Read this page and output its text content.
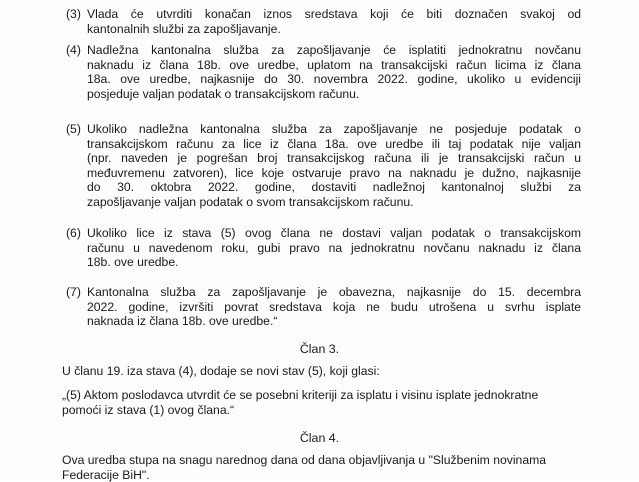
(3) Vlada će utvrditi konačan iznos sredstava koji će biti doznačen svakoj od
kantonalnih službi za zapošljavanje.
(4) Nadležna kantonalna služba za zapošljavanje će isplatiti jednokratnu novčanu
naknadu iz člana 18b. ove uredbe, uplatom na transakcijski račun licima iz člana
18a. ove uredbe, najkasnije do 30. novembra 2022. godine, ukoliko u evidenciji
posjeduje valjan podatak o transakcijskom računu.
(5) Ukoliko nadležna kantonalna služba za zapošljavanje ne posjeduje podatak o
transakcijskom računu za lice iz člana 18a. ove uredbe ili taj podatak nije valjan
(npr. naveden je pogrešan broj transakcijskog računa ili je transakcijski račun u
međuvremenu zatvoren), lice koje ostvaruje pravo na naknadu je dužno, najkasnije
do 30. oktobra 2022. godine, dostaviti nadležnoj kantonalnoj službi za
zapošljavanje valjan podatak o svom transakcijskom računu.
(6) Ukoliko lice iz stava (5) ovog člana ne dostavi valjan podatak o transakcijskom
računu u navedenom roku, gubi pravo na jednokratnu novčanu naknadu iz člana
18b. ove uredbe.
(7) Kantonalna služba za zapošljavanje je obavezna, najkasnije do 15. decembra
2022. godine, izvršiti povrat sredstava koja ne budu utrošena u svrhu isplate
naknada iz člana 18b. ove uredbe.“
Član 3.
U članu 19. iza stava (4), dodaje se novi stav (5), koji glasi:
„(5) Aktom poslodavca utvrdit će se posebni kriteriji za isplatu i visinu isplate jednokratne
pomoći iz stava (1) ovog člana.“
Član 4.
Ova uredba stupa na snagu narednog dana od dana objavljivanja u "Službenim novinama
Federacije BiH".
